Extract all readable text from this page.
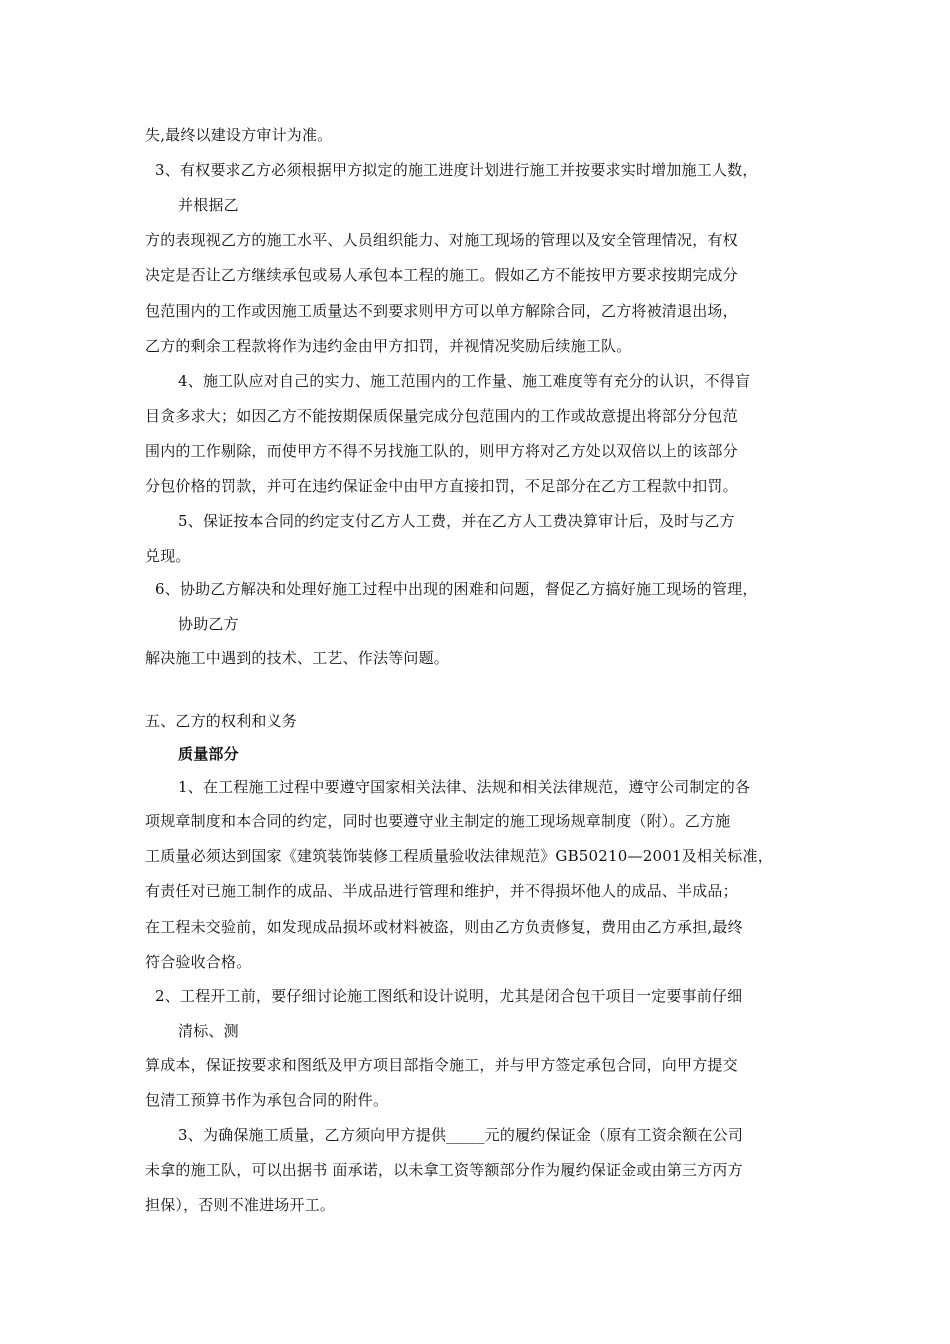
失,最终以建设方审计为准。
3、有权要求乙方必须根据甲方拟定的施工进度计划进行施工并按要求实时增加施工人数，
并根据乙
方的表现视乙方的施工水平、人员组织能力、对施工现场的管理以及安全管理情况，有权
决定是否让乙方继续承包或易人承包本工程的施工。假如乙方不能按甲方要求按期完成分
包范围内的工作或因施工质量达不到要求则甲方可以单方解除合同，乙方将被清退出场，
乙方的剩余工程款将作为违约金由甲方扣罚，并视情况奖励后续施工队。
4、施工队应对自己的实力、施工范围内的工作量、施工难度等有充分的认识，不得盲
目贪多求大；如因乙方不能按期保质保量完成分包范围内的工作或故意提出将部分分包范
围内的工作剔除，而使甲方不得不另找施工队的，则甲方将对乙方处以双倍以上的该部分
分包价格的罚款，并可在违约保证金中由甲方直接扣罚，不足部分在乙方工程款中扣罚。
5、保证按本合同的约定支付乙方人工费，并在乙方人工费决算审计后，及时与乙方
兑现。
6、协助乙方解决和处理好施工过程中出现的困难和问题，督促乙方搞好施工现场的管理，
协助乙方
解决施工中遇到的技术、工艺、作法等问题。
五、乙方的权利和义务
质量部分
1、在工程施工过程中要遵守国家相关法律、法规和相关法律规范，遵守公司制定的各
项规章制度和本合同的约定，同时也要遵守业主制定的施工现场规章制度（附）。乙方施
工质量必须达到国家《建筑装饰装修工程质量验收法律规范》GB50210—2001及相关标准，
有责任对已施工制作的成品、半成品进行管理和维护，并不得损坏他人的成品、半成品；
在工程未交验前，如发现成品损坏或材料被盗，则由乙方负责修复，费用由乙方承担,最终
符合验收合格。
2、工程开工前，要仔细讨论施工图纸和设计说明，尤其是闭合包干项目一定要事前仔细
清标、测
算成本，保证按要求和图纸及甲方项目部指令施工，并与甲方签定承包合同，向甲方提交
包清工预算书作为承包合同的附件。
3、为确保施工质量，乙方须向甲方提供_____元的履约保证金（原有工资余额在公司
未拿的施工队，可以出据书 面承诺，以未拿工资等额部分作为履约保证金或由第三方丙方
担保），否则不准进场开工。
